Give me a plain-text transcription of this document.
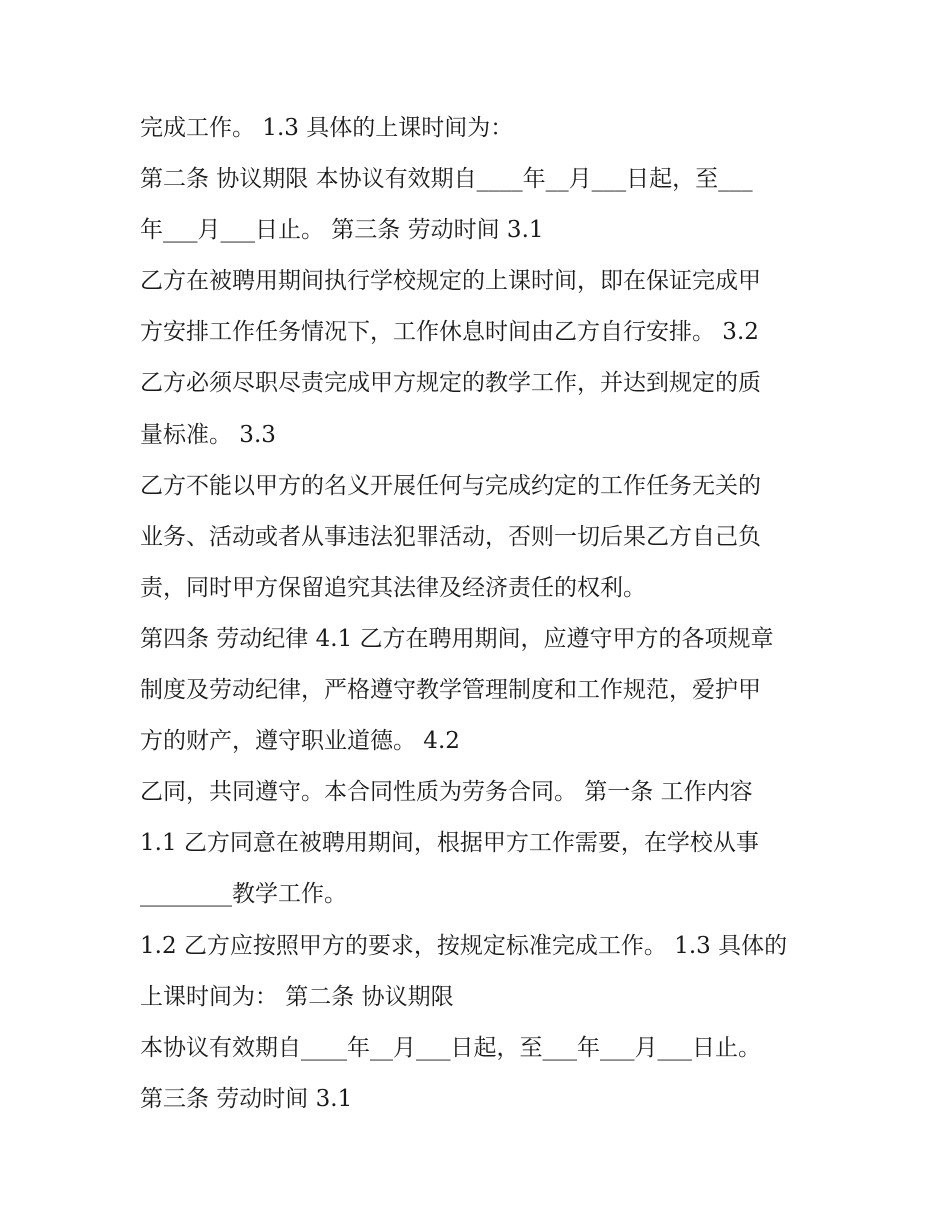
完成工作。 1.3 具体的上课时间为：
第二条 协议期限 本协议有效期自____年__月___日起，至___
年___月___日止。 第三条 劳动时间 3.1
乙方在被聘用期间执行学校规定的上课时间，即在保证完成甲
方安排工作任务情况下，工作休息时间由乙方自行安排。 3.2
乙方必须尽职尽责完成甲方规定的教学工作，并达到规定的质
量标准。 3.3
乙方不能以甲方的名义开展任何与完成约定的工作任务无关的
业务、活动或者从事违法犯罪活动，否则一切后果乙方自己负
责，同时甲方保留追究其法律及经济责任的权利。
第四条 劳动纪律 4.1 乙方在聘用期间，应遵守甲方的各项规章
制度及劳动纪律，严格遵守教学管理制度和工作规范，爱护甲
方的财产，遵守职业道德。 4.2
乙同，共同遵守。本合同性质为劳务合同。 第一条 工作内容
1.1 乙方同意在被聘用期间，根据甲方工作需要，在学校从事
________教学工作。
1.2 乙方应按照甲方的要求，按规定标准完成工作。 1.3 具体的
上课时间为： 第二条 协议期限
本协议有效期自____年__月___日起，至___年___月___日止。
第三条 劳动时间 3.1
